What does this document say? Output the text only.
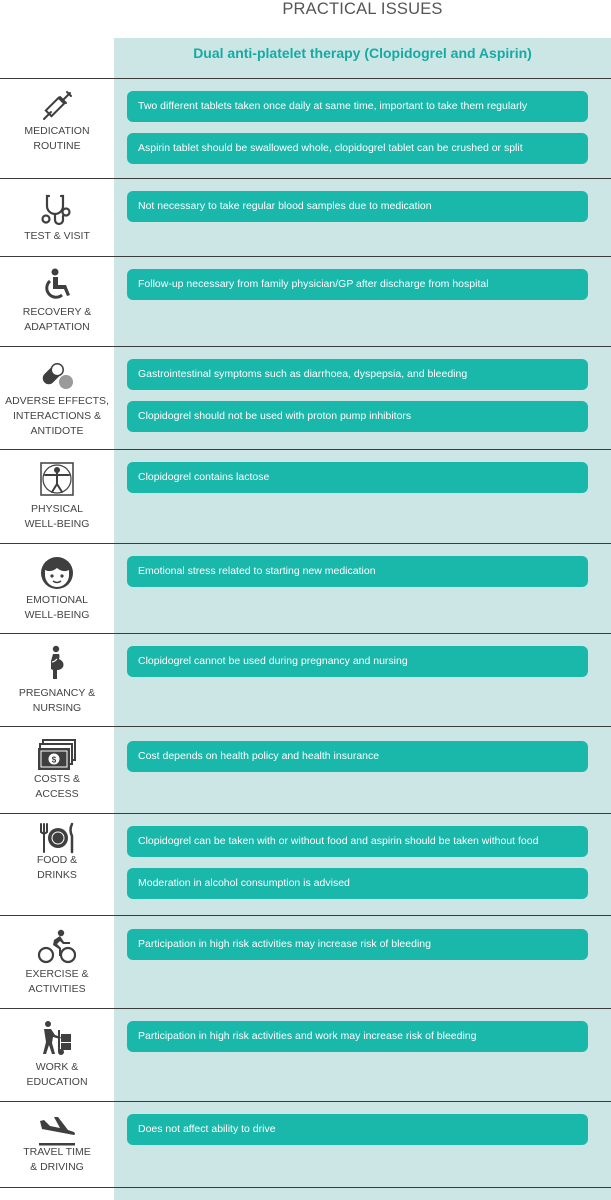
PRACTICAL ISSUES
Dual anti-platelet therapy (Clopidogrel and Aspirin)
MEDICATION
ROUTINE
Two different tablets taken once daily at same time, important to take them regularly
Aspirin tablet should be swallowed whole, clopidogrel tablet can be crushed or split
TEST & VISIT
Not necessary to take regular blood samples due to medication
RECOVERY &
ADAPTATION
Follow-up necessary from family physician/GP after discharge from hospital
ADVERSE EFFECTS,
INTERACTIONS &
ANTIDOTE
Gastrointestinal symptoms such as diarrhoea, dyspepsia, and bleeding
Clopidogrel should not be used with proton pump inhibitors
PHYSICAL
WELL-BEING
Clopidogrel contains lactose
EMOTIONAL
WELL-BEING
Emotional stress related to starting new medication
PREGNANCY &
NURSING
Clopidogrel cannot be used during pregnancy and nursing
$
COSTS &
ACCESS
Cost depends on health policy and health insurance
FOOD &
DRINKS
Clopidogrel can be taken with or without food and aspirin should be taken without food
Moderation in alcohol consumption is advised
EXERCISE &
ACTIVITIES
Participation in high risk activities may increase risk of bleeding
WORK &
EDUCATION
Participation in high risk activities and work may increase risk of bleeding
TRAVEL TIME
& DRIVING
Does not affect ability to drive
